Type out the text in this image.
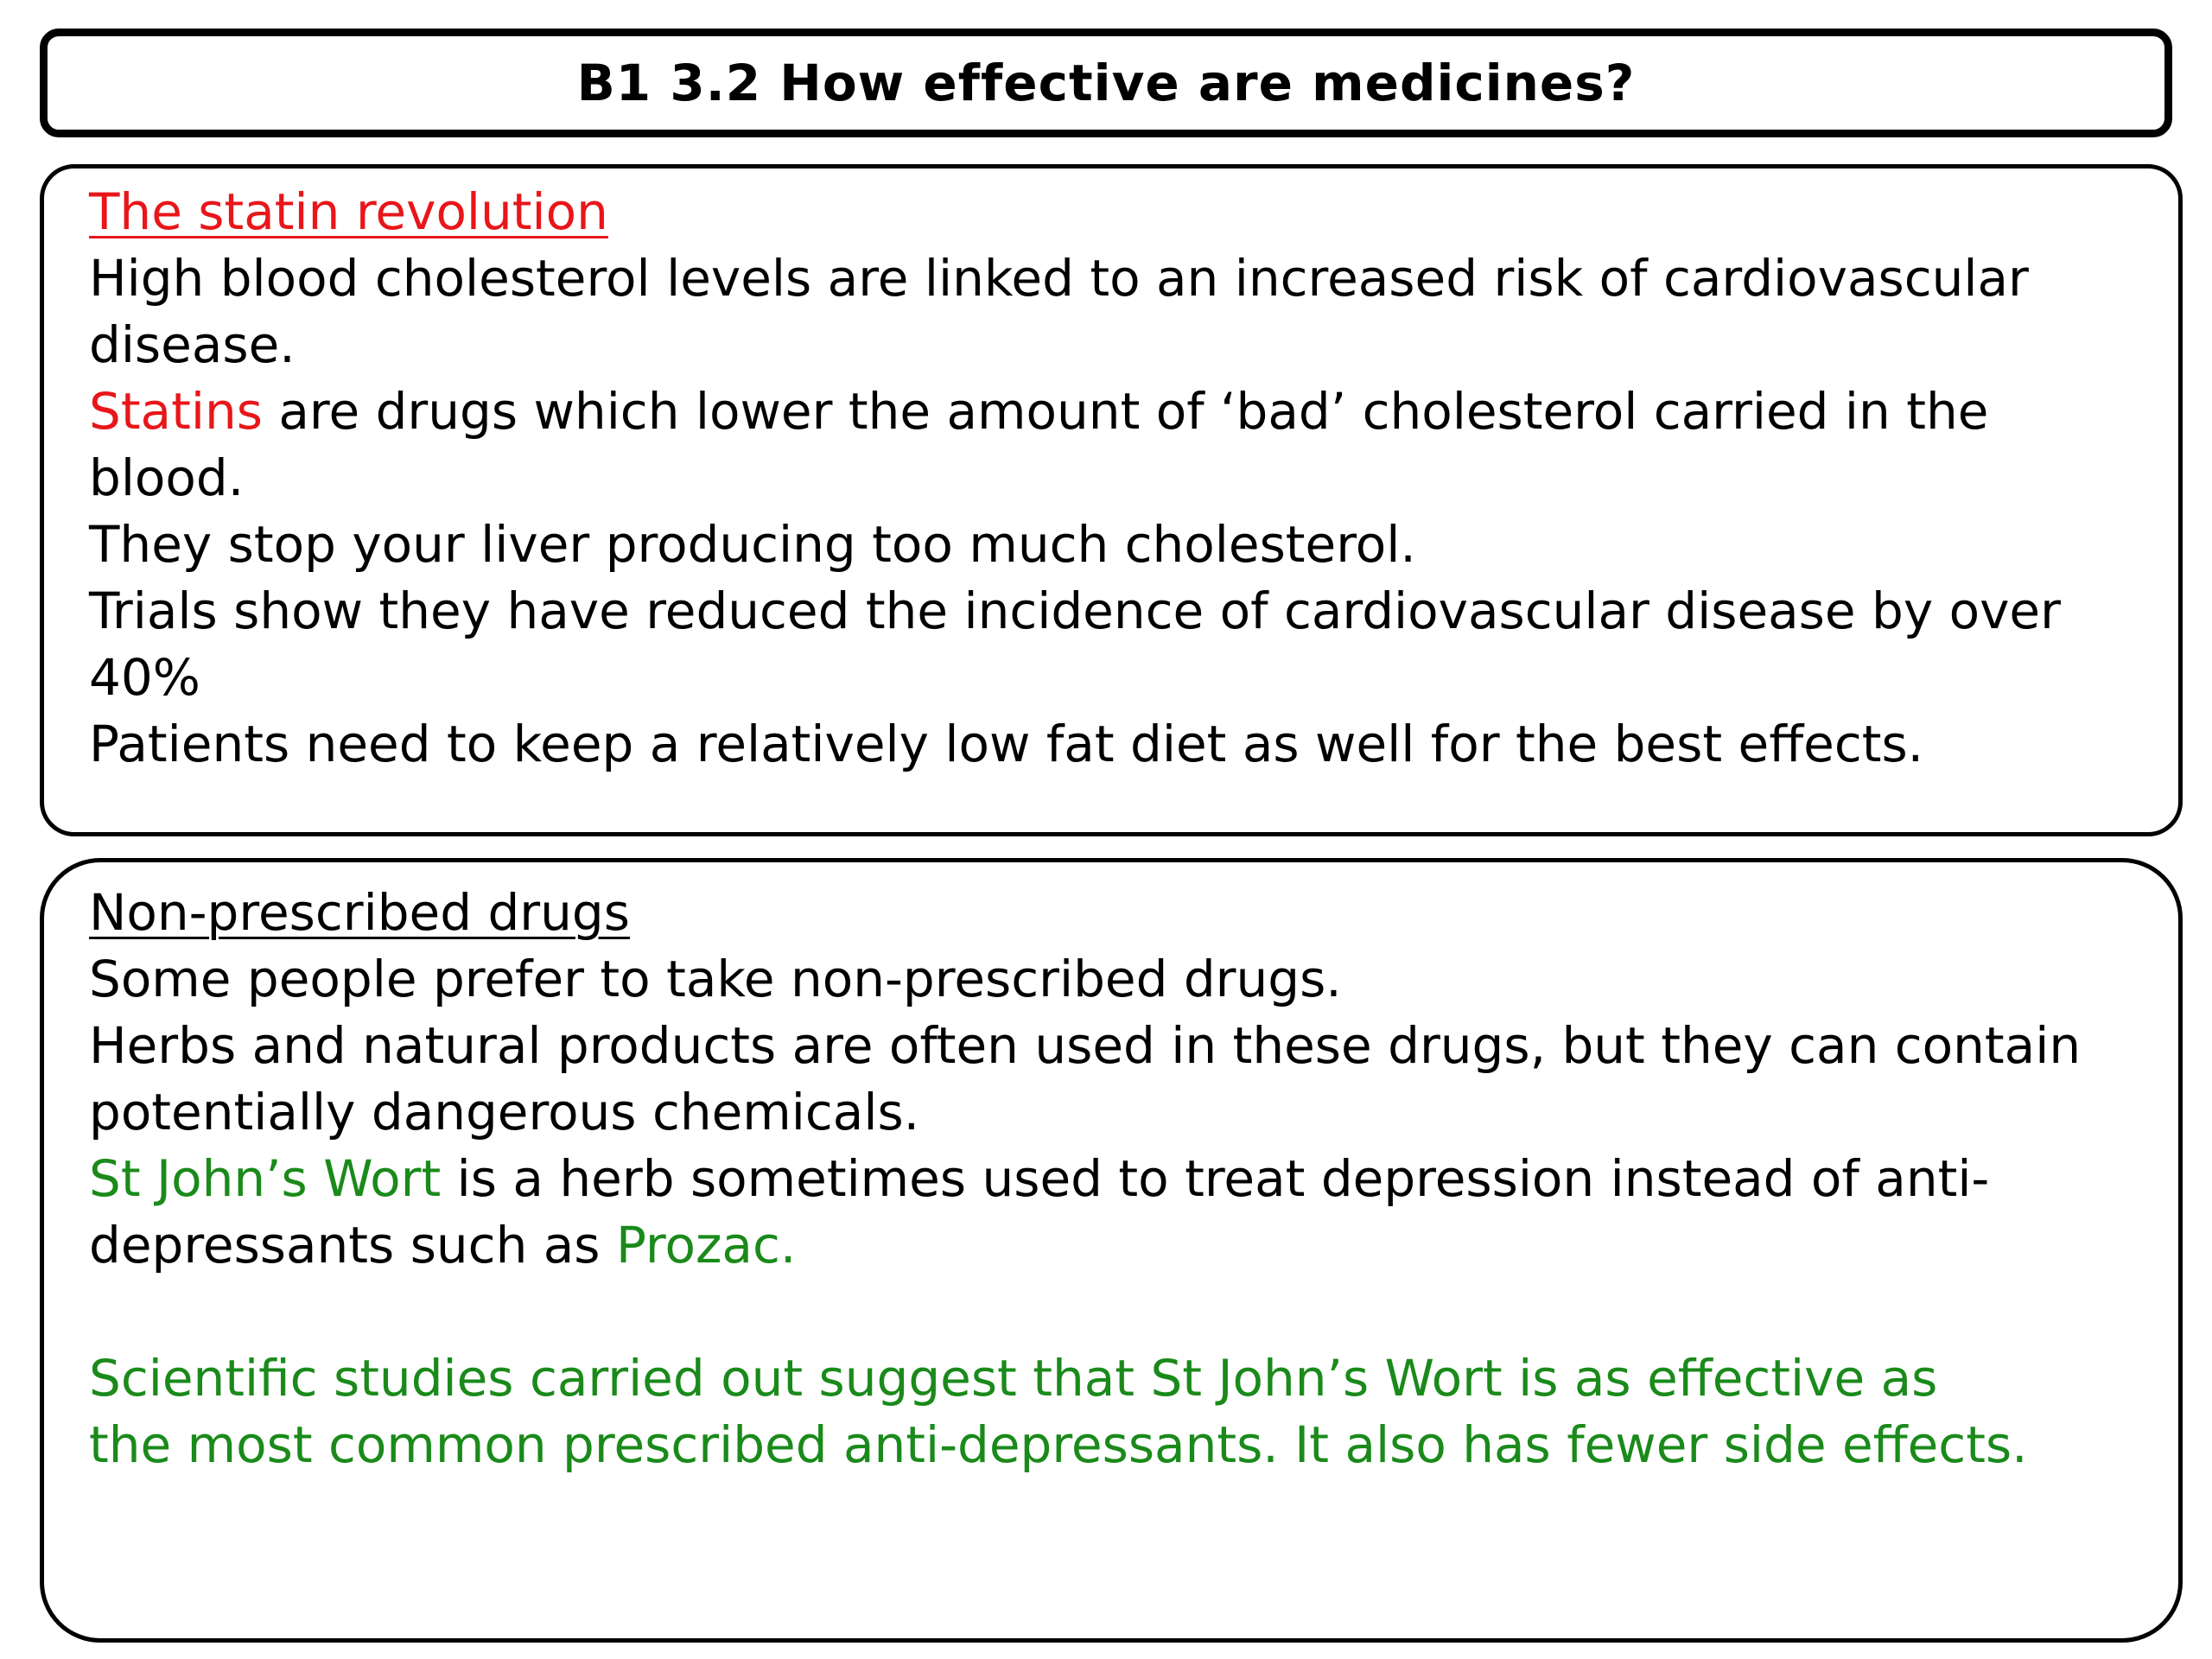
B1 3.2 How effective are medicines?
The statin revolution
High blood cholesterol levels are linked to an increased risk of cardiovascular
disease.
Statins are drugs which lower the amount of ‘bad’ cholesterol carried in the
blood.
They stop your liver producing too much cholesterol.
Trials show they have reduced the incidence of cardiovascular disease by over
40%
Patients need to keep a relatively low fat diet as well for the best effects.
Non-prescribed drugs
Some people prefer to take non-prescribed drugs.
Herbs and natural products are often used in these drugs, but they can contain
potentially dangerous chemicals.
St John’s Wort is a herb sometimes used to treat depression instead of anti-
depressants such as Prozac.
Scientific studies carried out suggest that St John’s Wort is as effective as
the most common prescribed anti-depressants. It also has fewer side effects.
